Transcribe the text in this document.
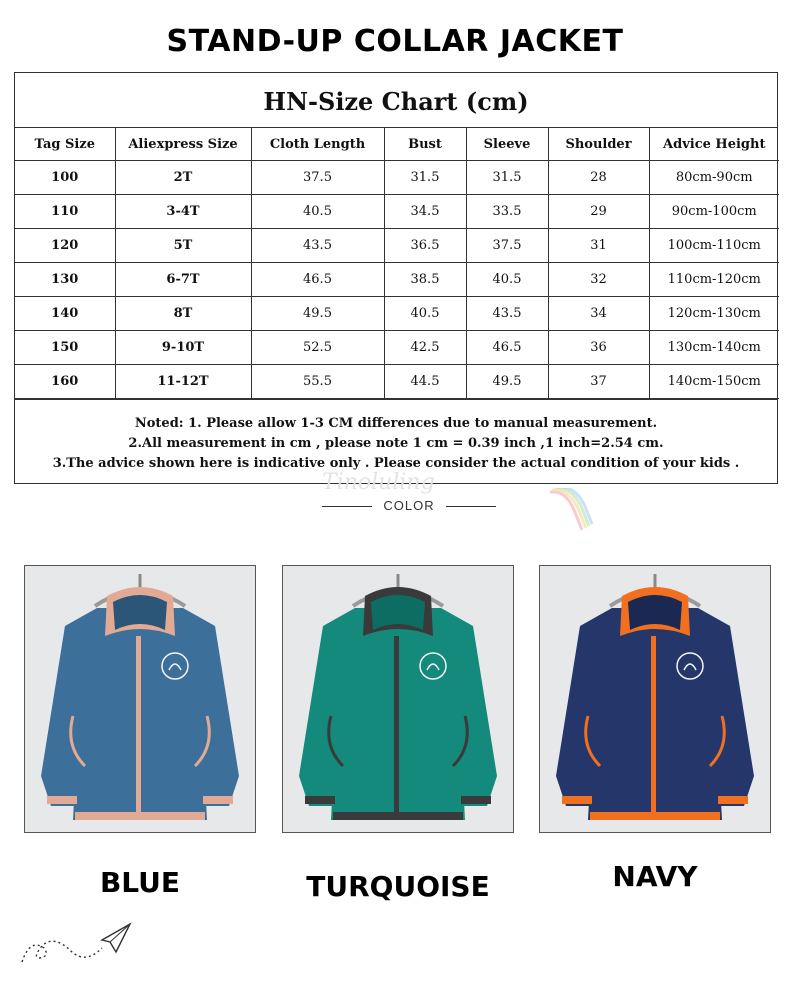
STAND-UP COLLAR JACKET
HN-Size Chart (cm)
Tag Size	Aliexpress Size	Cloth Length	Bust	Sleeve	Shoulder	Advice Height
100	2T	37.5	31.5	31.5	28	80cm-90cm
110	3-4T	40.5	34.5	33.5	29	90cm-100cm
120	5T	43.5	36.5	37.5	31	100cm-110cm
130	6-7T	46.5	38.5	40.5	32	110cm-120cm
140	8T	49.5	40.5	43.5	34	120cm-130cm
150	9-10T	52.5	42.5	46.5	36	130cm-140cm
160	11-12T	55.5	44.5	49.5	37	140cm-150cm
Noted: 1. Please allow 1-3 CM differences due to manual measurement.
2.All measurement in cm , please note 1 cm = 0.39 inch ,1 inch=2.54 cm.
3.The advice shown here is indicative only . Please consider the actual condition of your kids .
Tinoluling
COLOR
BLUE	TURQUOISE	NAVY
